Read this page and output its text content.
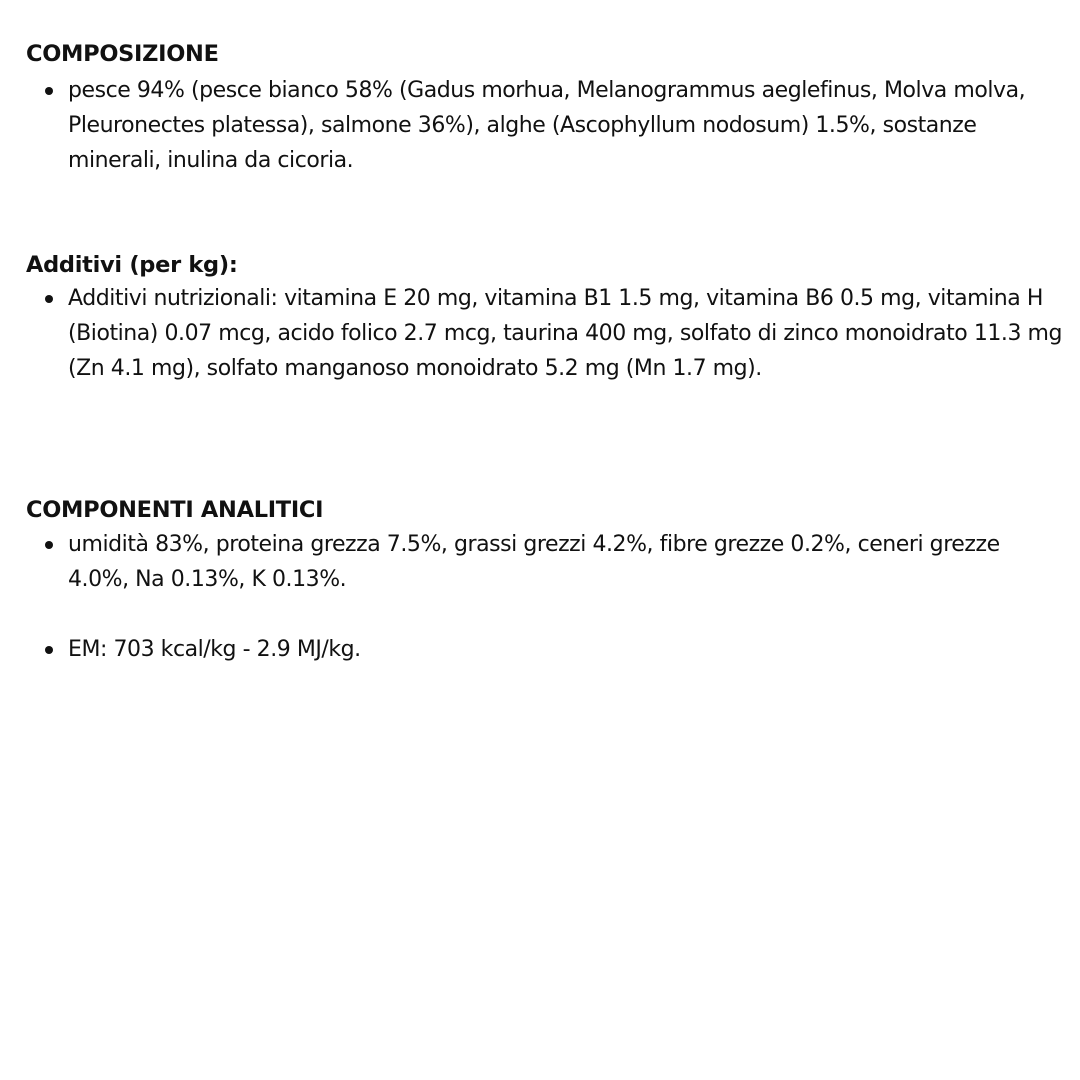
COMPOSIZIONE
pesce 94% (pesce bianco 58% (Gadus morhua, Melanogrammus aeglefinus, Molva molva, Pleuronectes platessa), salmone 36%), alghe (Ascophyllum nodosum) 1.5%, sostanze minerali, inulina da cicoria.
Additivi (per kg):
Additivi nutrizionali: vitamina E 20 mg, vitamina B1 1.5 mg, vitamina B6 0.5 mg, vitamina H (Biotina) 0.07 mcg, acido folico 2.7 mcg, taurina 400 mg, solfato di zinco monoidrato 11.3 mg (Zn 4.1 mg), solfato manganoso monoidrato 5.2 mg (Mn 1.7 mg).
COMPONENTI ANALITICI
umidità 83%, proteina grezza 7.5%, grassi grezzi 4.2%, fibre grezze 0.2%, ceneri grezze 4.0%, Na 0.13%, K 0.13%.
EM: 703 kcal/kg - 2.9 MJ/kg.
